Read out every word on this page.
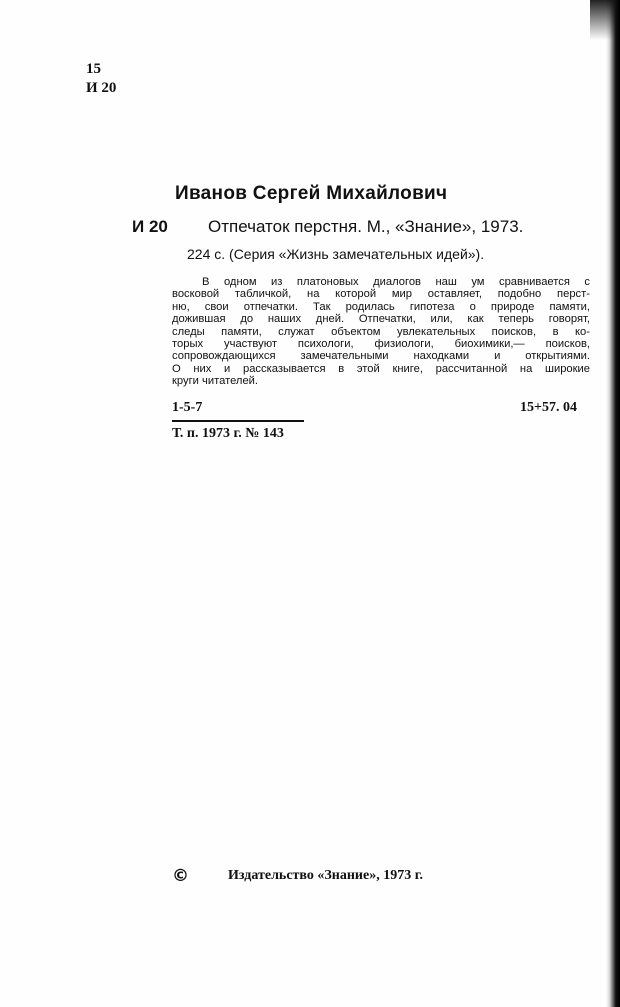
15
И 20
Иванов Сергей Михайлович
И 20 Отпечаток перстня. М., «Знание», 1973.
224 с. (Серия «Жизнь замечательных идей»).
В одном из платоновых диалогов наш ум сравнивается с
восковой табличкой, на которой мир оставляет, подобно перст-
ню, свои отпечатки. Так родилась гипотеза о природе памяти,
дожившая до наших дней. Отпечатки, или, как теперь говорят,
следы памяти, служат объектом увлекательных поисков, в ко-
торых участвуют психологи, физиологи, биохимики,— поисков,
сопровождающихся замечательными находками и открытиями.
О них и рассказывается в этой книге, рассчитанной на широкие
круги читателей.
1-5-7	15+57. 04
Т. п. 1973 г. № 143
©	Издательство «Знание», 1973 г.
